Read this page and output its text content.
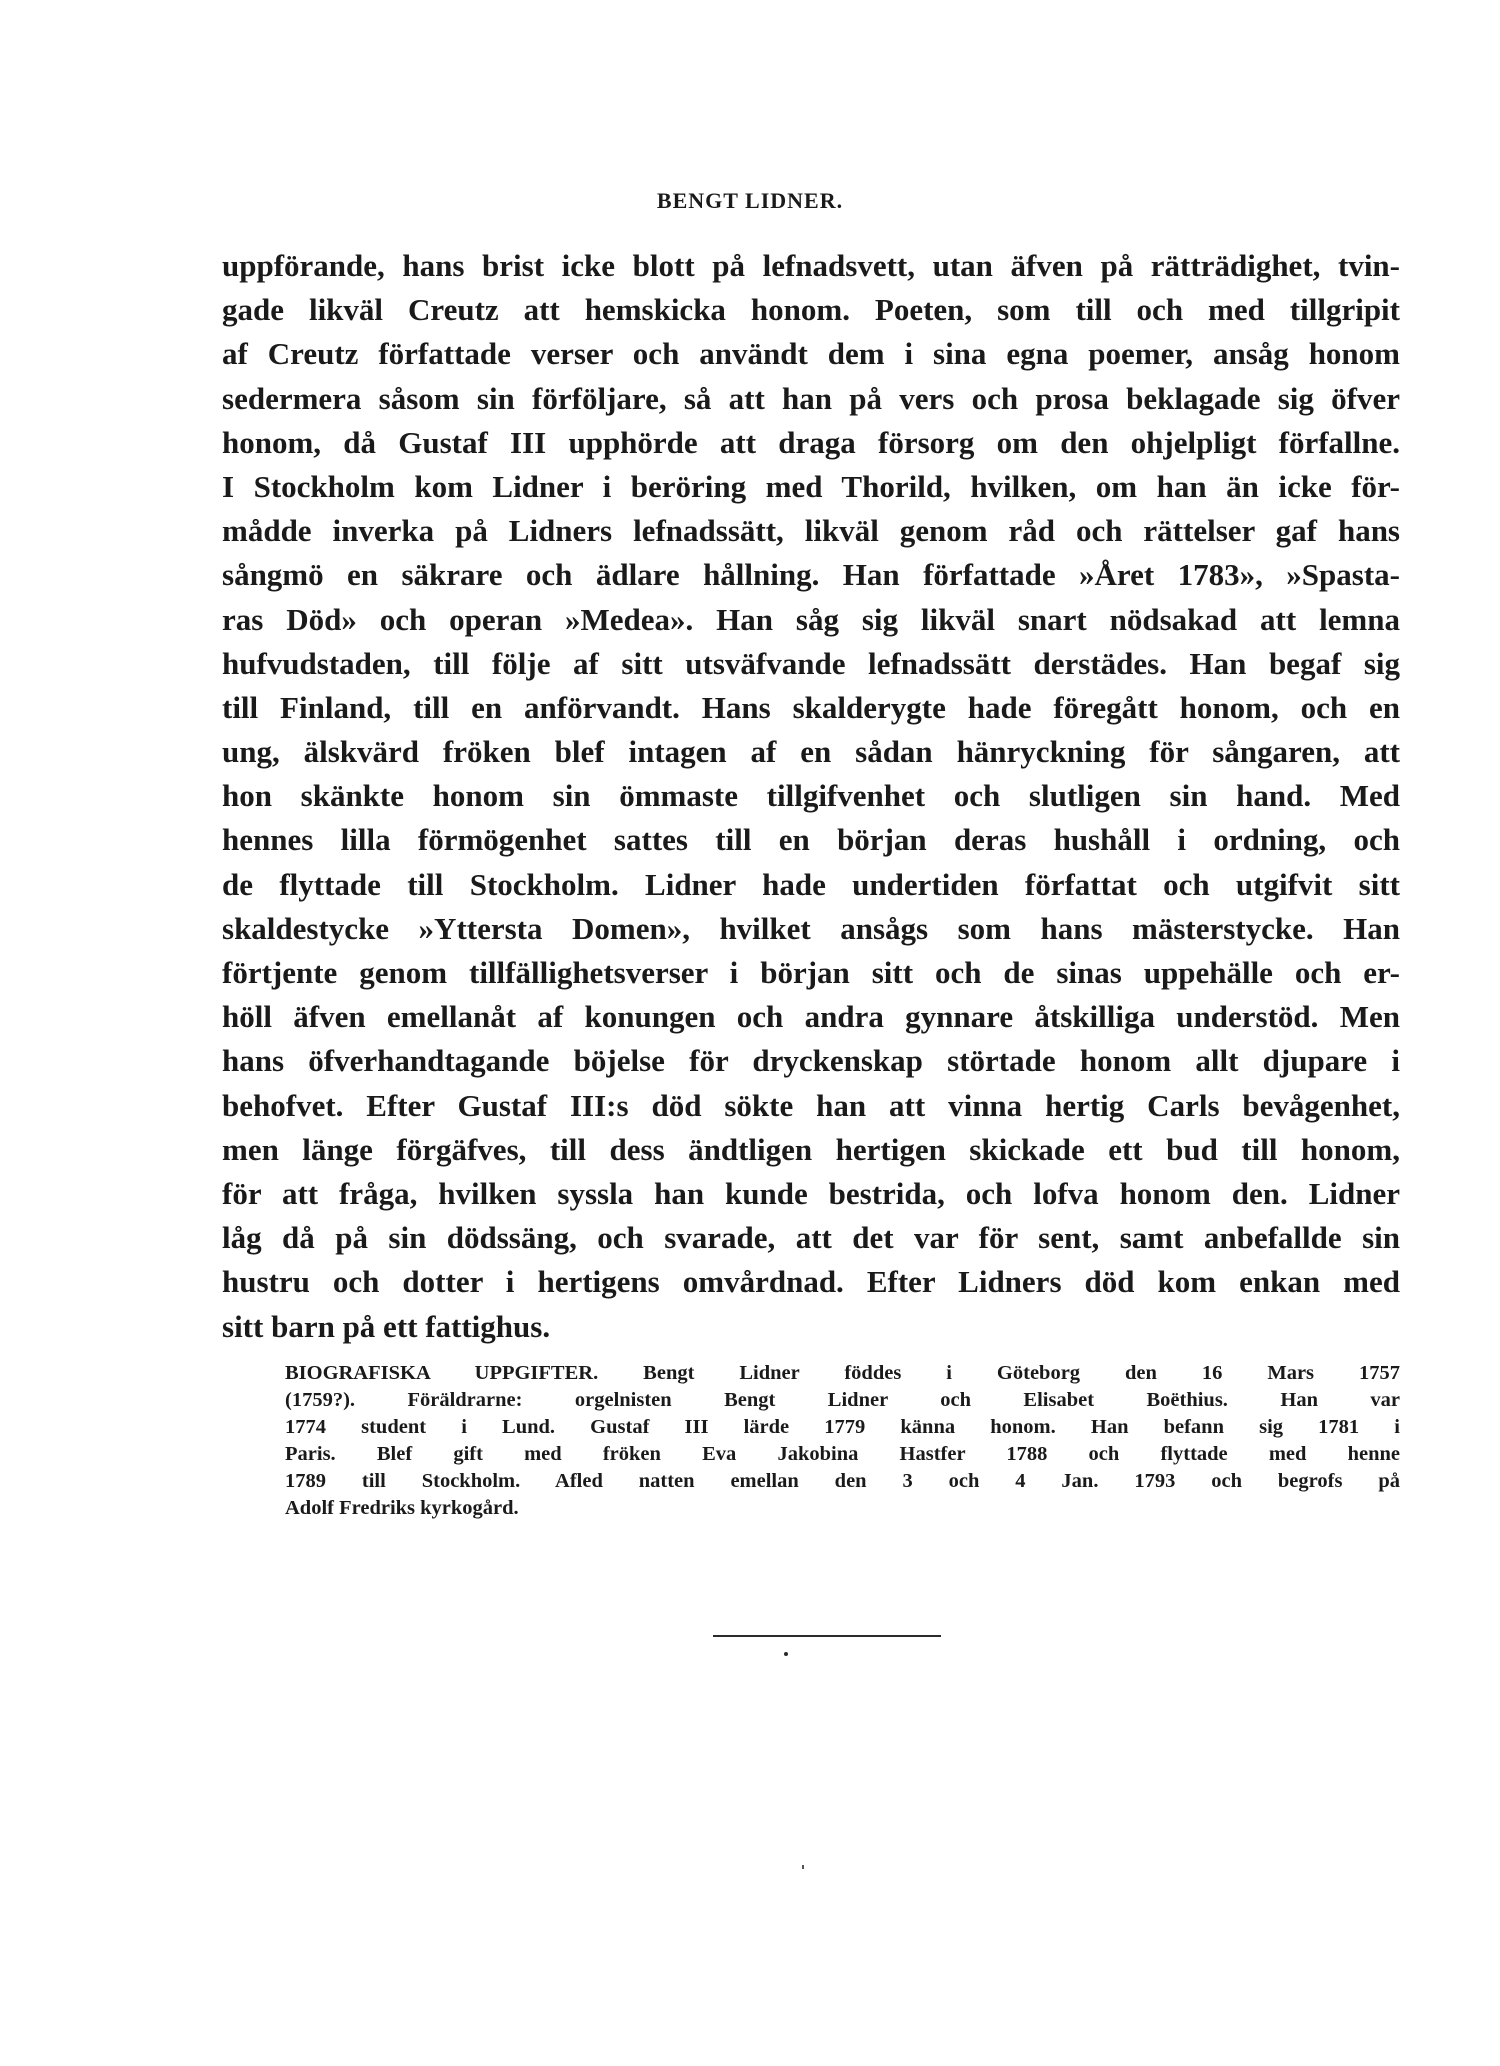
BENGT LIDNER.
uppförande, hans brist icke blott på lefnadsvett, utan äfven på rätträdighet, tvin-
gade likväl Creutz att hemskicka honom. Poeten, som till och med tillgripit
af Creutz författade verser och användt dem i sina egna poemer, ansåg honom
sedermera såsom sin förföljare, så att han på vers och prosa beklagade sig öfver
honom, då Gustaf III upphörde att draga försorg om den ohjelpligt förfallne.
I Stockholm kom Lidner i beröring med Thorild, hvilken, om han än icke för-
mådde inverka på Lidners lefnadssätt, likväl genom råd och rättelser gaf hans
sångmö en säkrare och ädlare hållning. Han författade »Året 1783», »Spasta-
ras Död» och operan »Medea». Han såg sig likväl snart nödsakad att lemna
hufvudstaden, till följe af sitt utsväfvande lefnadssätt derstädes. Han begaf sig
till Finland, till en anförvandt. Hans skalderygte hade föregått honom, och en
ung, älskvärd fröken blef intagen af en sådan hänryckning för sångaren, att
hon skänkte honom sin ömmaste tillgifvenhet och slutligen sin hand. Med
hennes lilla förmögenhet sattes till en början deras hushåll i ordning, och
de flyttade till Stockholm. Lidner hade undertiden författat och utgifvit sitt
skaldestycke »Yttersta Domen», hvilket ansågs som hans mästerstycke. Han
förtjente genom tillfällighetsverser i början sitt och de sinas uppehälle och er-
höll äfven emellanåt af konungen och andra gynnare åtskilliga understöd. Men
hans öfverhandtagande böjelse för dryckenskap störtade honom allt djupare i
behofvet. Efter Gustaf III:s död sökte han att vinna hertig Carls bevågenhet,
men länge förgäfves, till dess ändtligen hertigen skickade ett bud till honom,
för att fråga, hvilken syssla han kunde bestrida, och lofva honom den. Lidner
låg då på sin dödssäng, och svarade, att det var för sent, samt anbefallde sin
hustru och dotter i hertigens omvårdnad. Efter Lidners död kom enkan med
sitt barn på ett fattighus.
BIOGRAFISKA UPPGIFTER. Bengt Lidner föddes i Göteborg den 16 Mars 1757
(1759?). Föräldrarne: orgelnisten Bengt Lidner och Elisabet Boëthius. Han var
1774 student i Lund. Gustaf III lärde 1779 känna honom. Han befann sig 1781 i
Paris. Blef gift med fröken Eva Jakobina Hastfer 1788 och flyttade med henne
1789 till Stockholm. Afled natten emellan den 3 och 4 Jan. 1793 och begrofs på
Adolf Fredriks kyrkogård.
